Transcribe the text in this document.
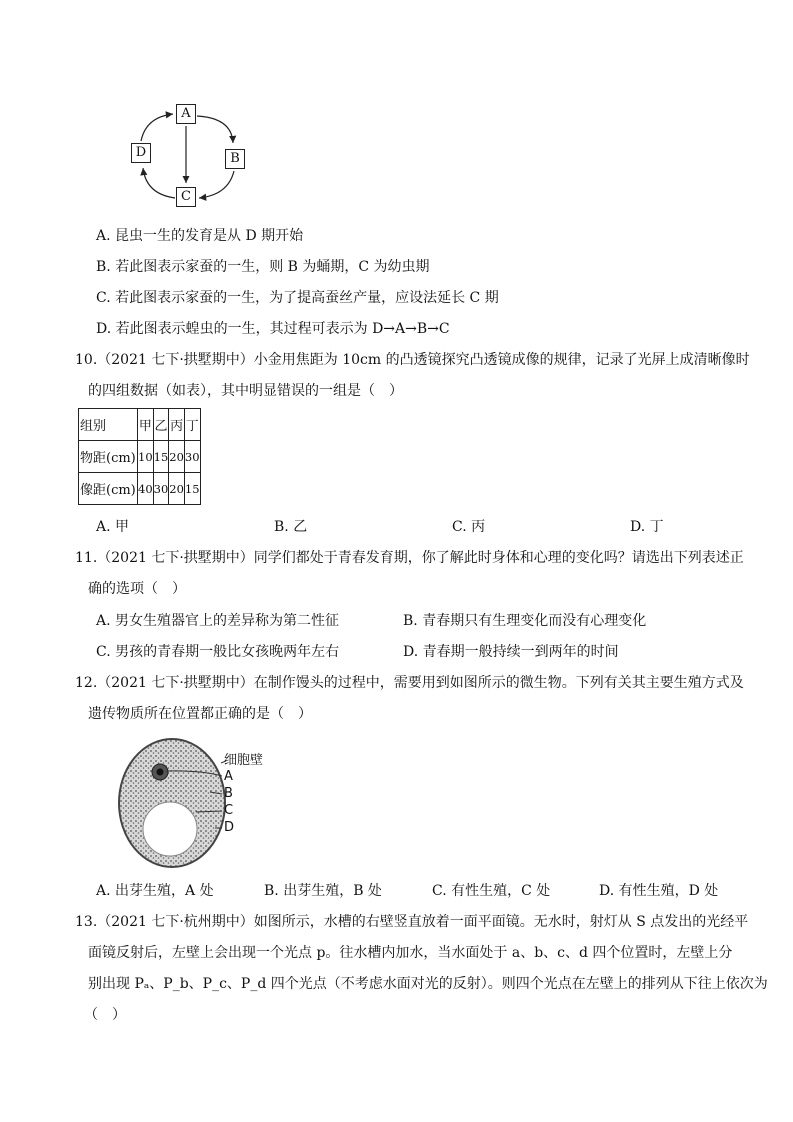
A
B
C
D
A. 昆虫一生的发育是从 D 期开始
B. 若此图表示家蚕的一生，则 B 为蛹期，C 为幼虫期
C. 若此图表示家蚕的一生，为了提高蚕丝产量，应设法延长 C 期
D. 若此图表示蝗虫的一生，其过程可表示为 D→A→B→C
10.（2021 七下·拱墅期中）小金用焦距为 10cm 的凸透镜探究凸透镜成像的规律，记录了光屏上成清晰像时
的四组数据（如表），其中明显错误的一组是（　）
组别	甲	乙	丙	丁
物距(cm)	10	15	20	30
像距(cm)	40	30	20	15
A. 甲	B. 乙	C. 丙	D. 丁
11.（2021 七下·拱墅期中）同学们都处于青春发育期，你了解此时身体和心理的变化吗？请选出下列表述正
确的选项（　）
A. 男女生殖器官上的差异称为第二性征	B. 青春期只有生理变化而没有心理变化
C. 男孩的青春期一般比女孩晚两年左右	D. 青春期一般持续一到两年的时间
12.（2021 七下·拱墅期中）在制作馒头的过程中，需要用到如图所示的微生物。下列有关其主要生殖方式及
遗传物质所在位置都正确的是（　）
细胞壁
A
B
C
D
A. 出芽生殖，A 处	B. 出芽生殖，B 处	C. 有性生殖，C 处	D. 有性生殖，D 处
13.（2021 七下·杭州期中）如图所示，水槽的右壁竖直放着一面平面镜。无水时，射灯从 S 点发出的光经平
面镜反射后，左壁上会出现一个光点 p。往水槽内加水，当水面处于 a、b、c、d 四个位置时，左壁上分
别出现 Pₐ、P_b、P_c、P_d 四个光点（不考虑水面对光的反射）。则四个光点在左壁上的排列从下往上依次为
（　）
